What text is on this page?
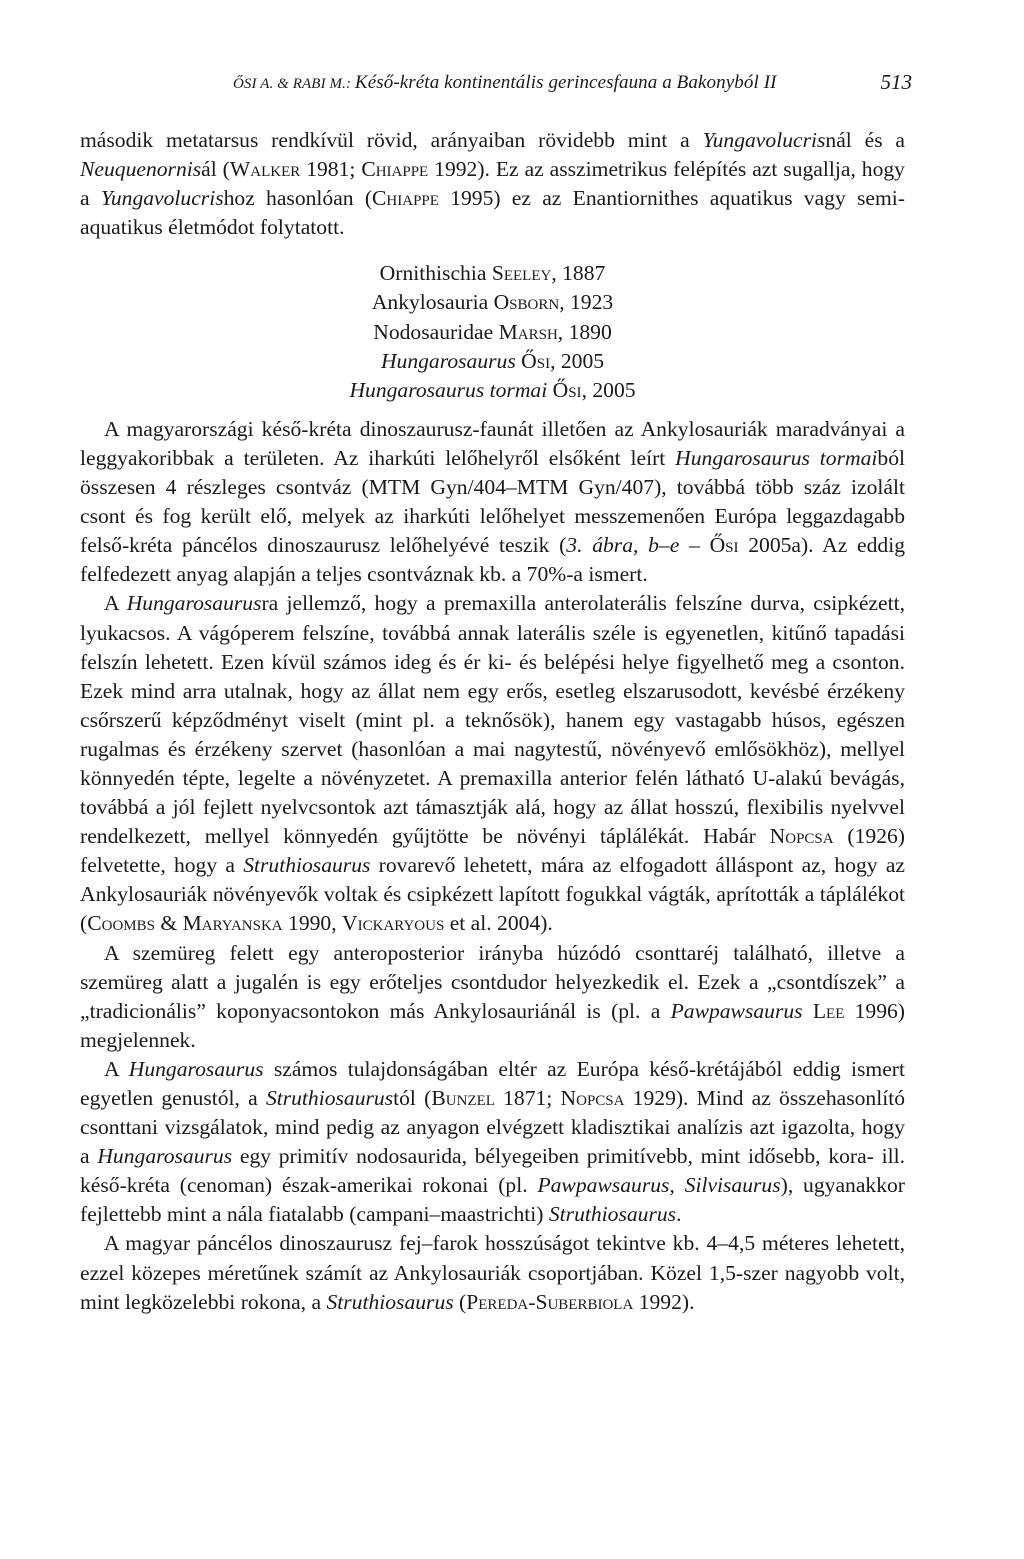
ŐSI A. & RABI M.: Késő-kréta kontinentális gerincesfauna a Bakonyból II	513

második metatarsus rendkívül rövid, arányaiban rövidebb mint a Yungavolucrisnál és a Neuquenornisál (Walker 1981; Chiappe 1992). Ez az asszimetrikus felépítés azt sugallja, hogy a Yungavolucrishoz hasonlóan (Chiappe 1995) ez az Enantiornithes aquatikus vagy semi-aquatikus életmódot folytatott.

Ornithischia Seeley, 1887
Ankylosauria Osborn, 1923
Nodosauridae Marsh, 1890
Hungarosaurus Ősi, 2005
Hungarosaurus tormai Ősi, 2005

A magyarországi késő-kréta dinoszaurusz-faunát illetően az Ankylosauriák maradványai a leggyakoribbak a területen. Az iharkúti lelőhelyről elsőként leírt Hungarosaurus tormaiból összesen 4 részleges csontváz (MTM Gyn/404–MTM Gyn/407), továbbá több száz izolált csont és fog került elő, melyek az iharkúti lelőhelyet messzemenően Európa leggazdagabb felső-kréta páncélos dinoszaurusz lelőhelyévé teszik (3. ábra, b–e – Ősi 2005a). Az eddig felfedezett anyag alapján a teljes csontváznak kb. a 70%-a ismert.

A Hungarosaurusra jellemző, hogy a premaxilla anterolaterális felszíne durva, csipkézett, lyukacsos. A vágóperem felszíne, továbbá annak laterális széle is egyenetlen, kitűnő tapadási felszín lehetett. Ezen kívül számos ideg és ér ki- és belépési helye figyelhető meg a csonton. Ezek mind arra utalnak, hogy az állat nem egy erős, esetleg elszarusodott, kevésbé érzékeny csőrszerű képződményt viselt (mint pl. a teknősök), hanem egy vastagabb húsos, egészen rugalmas és érzékeny szervet (hasonlóan a mai nagytestű, növényevő emlősökhöz), mellyel könnyedén tépte, legelte a növényzetet. A premaxilla anterior felén látható U-alakú bevágás, továbbá a jól fejlett nyelvcsontok azt támasztják alá, hogy az állat hosszú, flexibilis nyelvvel rendelkezett, mellyel könnyedén gyűjtötte be növényi táplálékát. Habár Nopcsa (1926) felvetette, hogy a Struthiosaurus rovarevő lehetett, mára az elfogadott álláspont az, hogy az Ankylosauriák növényevők voltak és csipkézett lapított fogukkal vágták, aprították a táplálékot (Coombs & Maryanska 1990, Vickaryous et al. 2004).

A szemüreg felett egy anteroposterior irányba húzódó csonttaréj található, illetve a szemüreg alatt a jugalén is egy erőteljes csontdudor helyezkedik el. Ezek a „csontdíszek” a „tradicionális” koponyacsontokon más Ankylosauriánál is (pl. a Pawpawsaurus Lee 1996) megjelennek.

A Hungarosaurus számos tulajdonságában eltér az Európa késő-krétájából eddig ismert egyetlen genustól, a Struthiosaurustól (Bunzel 1871; Nopcsa 1929). Mind az összehasonlító csonttani vizsgálatok, mind pedig az anyagon elvégzett kladisztikai analízis azt igazolta, hogy a Hungarosaurus egy primitív nodosaurida, bélyegeiben primitívebb, mint idősebb, kora- ill. késő-kréta (cenoman) észak-amerikai rokonai (pl. Pawpawsaurus, Silvisaurus), ugyanakkor fejlettebb mint a nála fiatalabb (campani–maastrichti) Struthiosaurus.

A magyar páncélos dinoszaurusz fej–farok hosszúságot tekintve kb. 4–4,5 méteres lehetett, ezzel közepes méretűnek számít az Ankylosauriák csoportjában. Közel 1,5-szer nagyobb volt, mint legközelebbi rokona, a Struthiosaurus (Pereda-Suberbiola 1992).
